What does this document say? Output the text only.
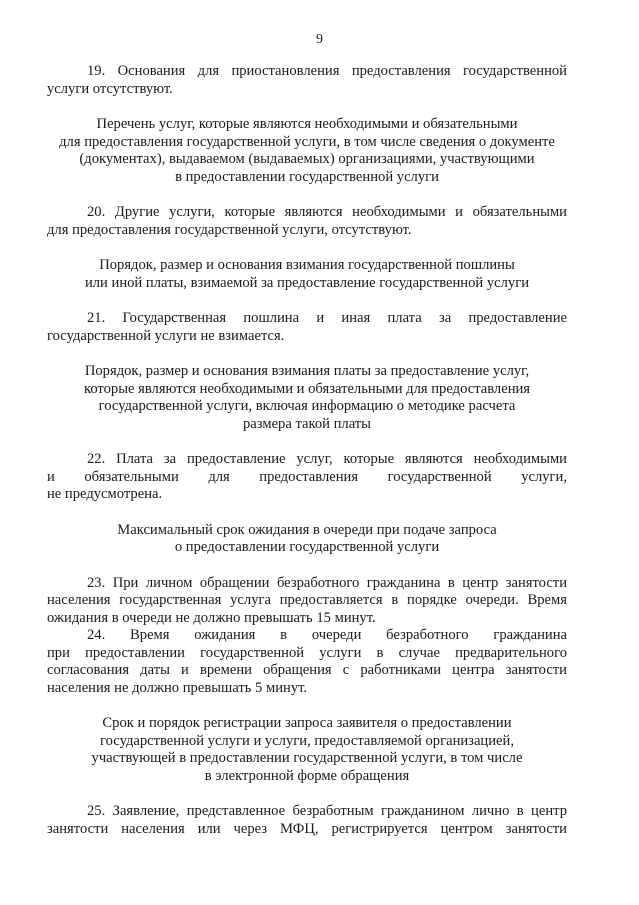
9
19. Основания для приостановления предоставления государственной
услуги отсутствуют.
Перечень услуг, которые являются необходимыми и обязательными
для предоставления государственной услуги, в том числе сведения о документе
(документах), выдаваемом (выдаваемых) организациями, участвующими
в предоставлении государственной услуги
20. Другие услуги, которые являются необходимыми и обязательными
для предоставления государственной услуги, отсутствуют.
Порядок, размер и основания взимания государственной пошлины
или иной платы, взимаемой за предоставление государственной услуги
21. Государственная пошлина и иная плата за предоставление
государственной услуги не взимается.
Порядок, размер и основания взимания платы за предоставление услуг,
которые являются необходимыми и обязательными для предоставления
государственной услуги, включая информацию о методике расчета
размера такой платы
22. Плата за предоставление услуг, которые являются необходимыми
и обязательными для предоставления государственной услуги,
не предусмотрена.
Максимальный срок ожидания в очереди при подаче запроса
о предоставлении государственной услуги
23. При личном обращении безработного гражданина в центр занятости
населения государственная услуга предоставляется в порядке очереди. Время
ожидания в очереди не должно превышать 15 минут.
24. Время ожидания в очереди безработного гражданина
при предоставлении государственной услуги в случае предварительного
согласования даты и времени обращения с работниками центра занятости
населения не должно превышать 5 минут.
Срок и порядок регистрации запроса заявителя о предоставлении
государственной услуги и услуги, предоставляемой организацией,
участвующей в предоставлении государственной услуги, в том числе
в электронной форме обращения
25. Заявление, представленное безработным гражданином лично в центр
занятости населения или через МФЦ, регистрируется центром занятости
